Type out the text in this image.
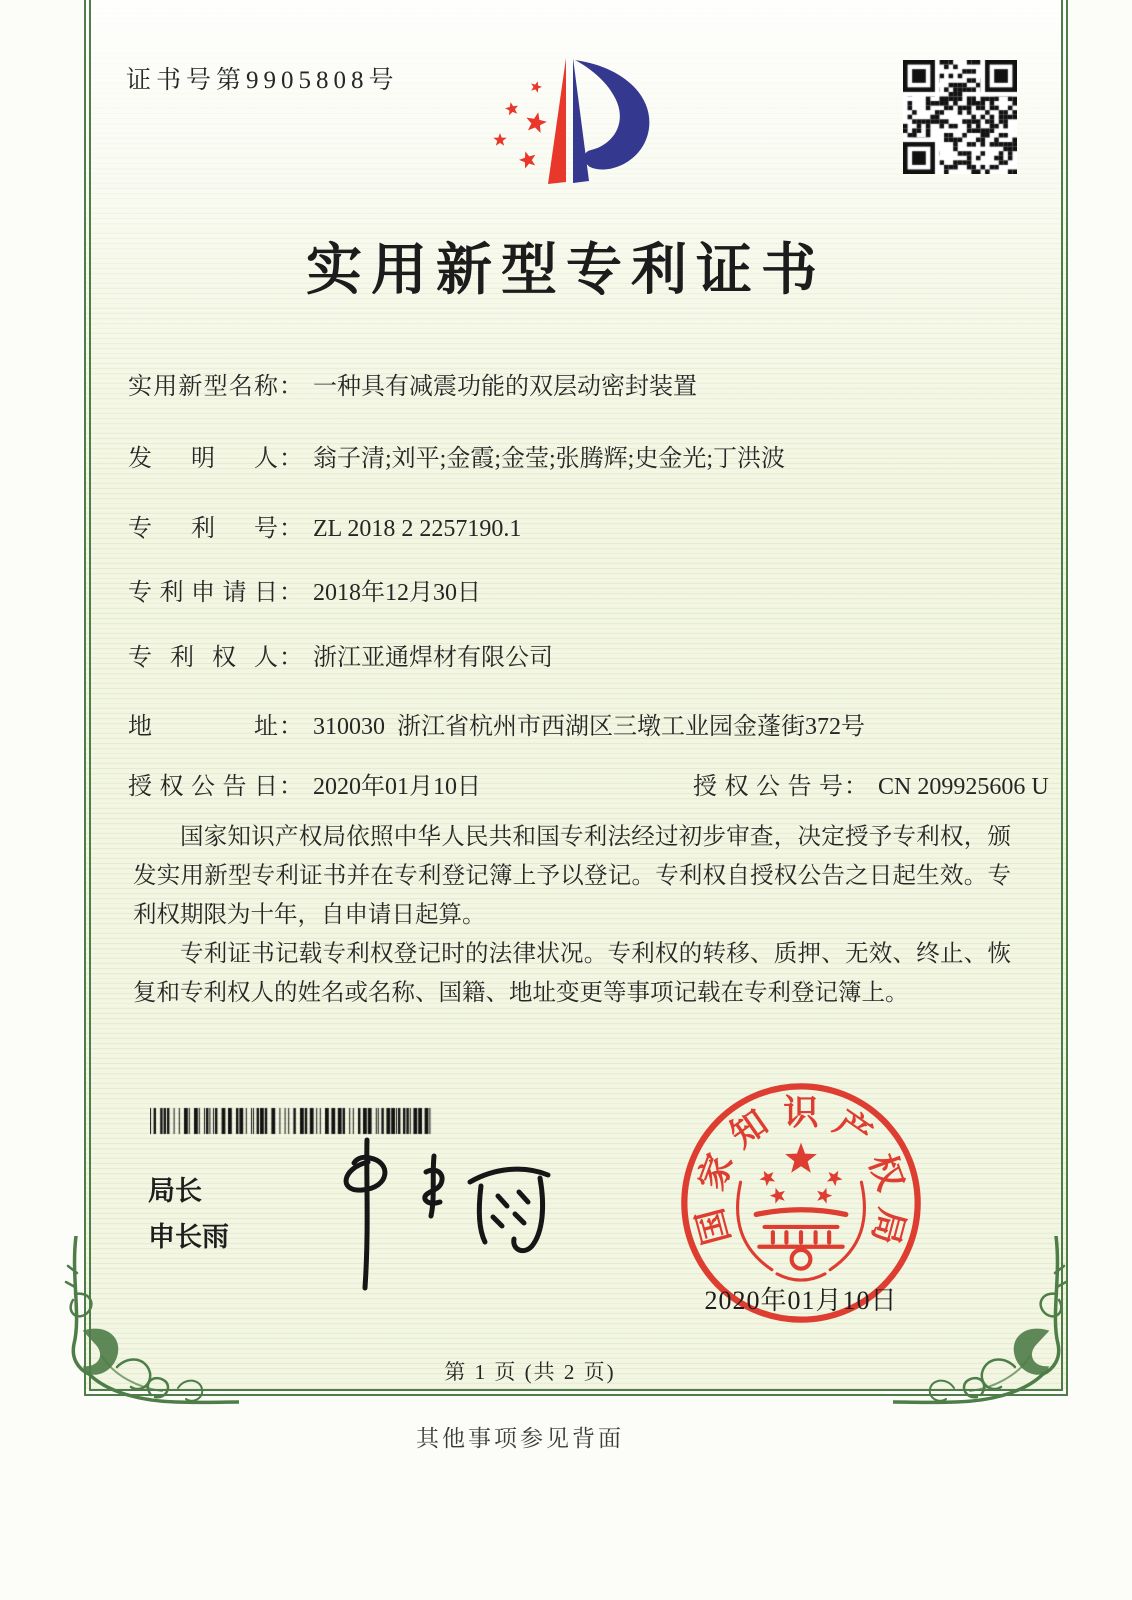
证书号第9905808号
实用新型专利证书
实用新型名称： 一种具有减震功能的双层动密封装置
发明人： 翁子清;刘平;金霞;金莹;张腾辉;史金光;丁洪波
专利号： ZL 2018 2 2257190.1
专利申请日： 2018年12月30日
专利权人： 浙江亚通焊材有限公司
地址： 310030  浙江省杭州市西湖区三墩工业园金蓬街372号
授权公告日： 2020年01月10日	授权公告号： CN 209925606 U

国家知识产权局依照中华人民共和国专利法经过初步审查，决定授予专利权，颁发实用新型专利证书并在专利登记簿上予以登记。专利权自授权公告之日起生效。专利权期限为十年，自申请日起算。

专利证书记载专利权登记时的法律状况。专利权的转移、质押、无效、终止、恢复和专利权人的姓名或名称、国籍、地址变更等事项记载在专利登记簿上。

局长
申长雨	国
家
知 识 产
权
局
2020年01月10日
第 1 页 (共 2 页)
其他事项参见背面
